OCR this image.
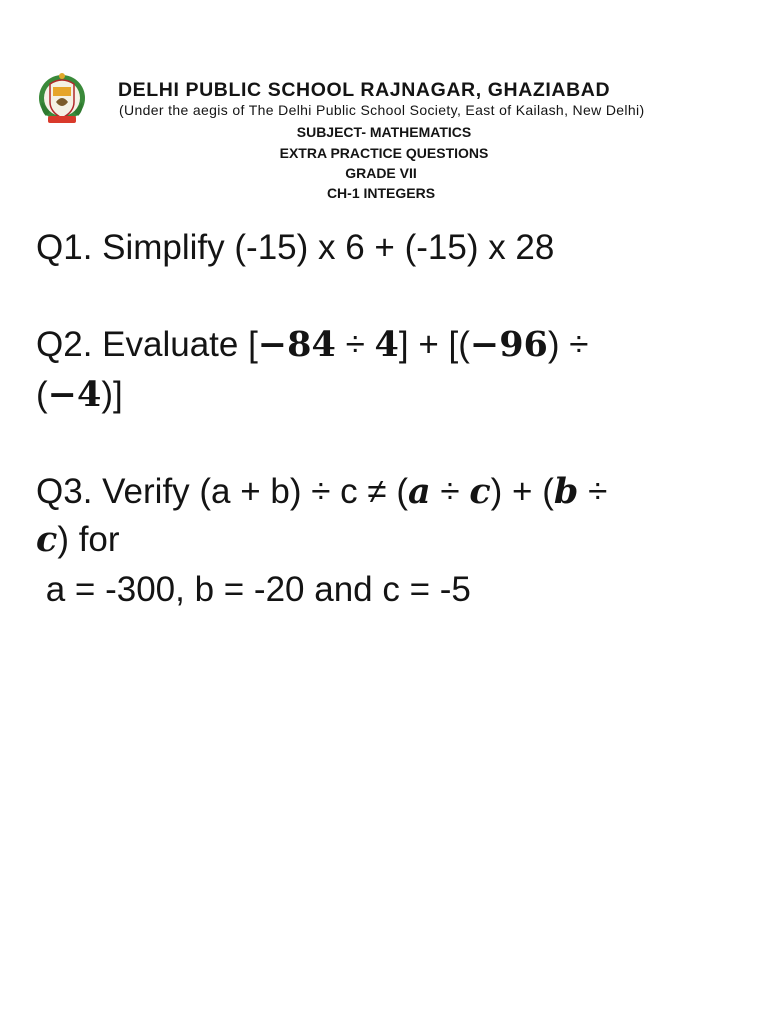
DELHI PUBLIC SCHOOL RAJNAGAR, GHAZIABAD
(Under the aegis of The Delhi Public School Society, East of Kailash, New Delhi)
SUBJECT- MATHEMATICS
EXTRA PRACTICE QUESTIONS
GRADE VII
CH-1 INTEGERS
Q1. Simplify (-15) x 6 + (-15) x 28
Q2. Evaluate [−84 ÷ 4] + [(−96) ÷
(−4)]
Q3. Verify (a + b) ÷ c ≠ (a ÷ c) + (b ÷
c) for
a = -300, b = -20 and c = -5
